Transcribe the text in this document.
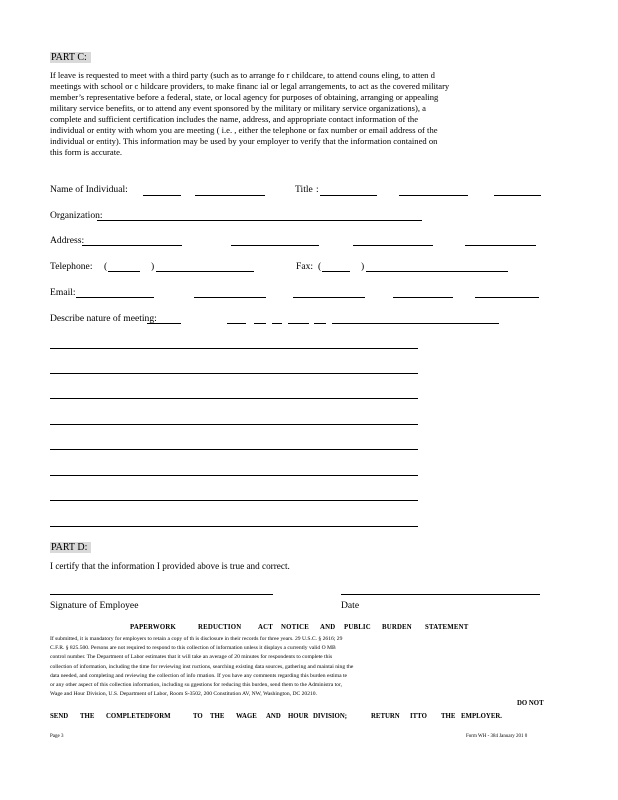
PART C:
If leave is requested to meet with a third party (such as to arrange fo r childcare, to attend couns eling, to atten d
meetings with school or c hildcare providers, to make financ ial or legal arrangements, to act as the covered military
member’s representative before a federal, state, or local agency for purposes of obtaining, arranging or appealing
military service benefits, or to attend any event sponsored by the military or military service organizations), a
complete and sufficient certification includes the name, address, and appropriate contact information of the
individual or entity with whom you are meeting ( i.e. , either the telephone or fax number or email address of the
individual or entity). This information may be used by your employer to verify that the information contained on
this form is accurate.
Name of Individual:	Title :
Organization:
Address:
Telephone: (	)	Fax: (	)
Email:
Describe nature of meeting:
PART D:
I certify that the information I provided above is true and correct.
Signature of Employee	Date
PAPERWORK	REDUCTION ACT NOTICE AND PUBLIC BURDEN STATEMENT
If submitted, it is mandatory for employers to retain a copy of th is disclosure in their records for three years. 29 U.S.C. § 2616; 29
C.F.R. § 825.500. Persons are not required to respond to this collection of information unless it displays a currently valid O MB
control number. The Department of Labor estimates that it will take an average of 20 minutes for respondents to complete this
collection of information, including the time for reviewing inst ructions, searching existing data sources, gathering and maintai ning the
data needed, and completing and reviewing the collection of info rmation. If you have any comments regarding this burden estima te
or any other aspect of this collection information, including su ggestions for reducing this burden, send them to the Administra tor,
Wage and Hour Division, U.S. Department of Labor, Room S-3502, 200 Constitution AV, NW, Washington, DC 20210.
DO NOT
SEND THE COMPLETEDFORM	TO THE WAGE AND HOUR DIVISION;	RETURN ITTO THE EMPLOYER.
Page 3	Form WH - 384 January 201 0
